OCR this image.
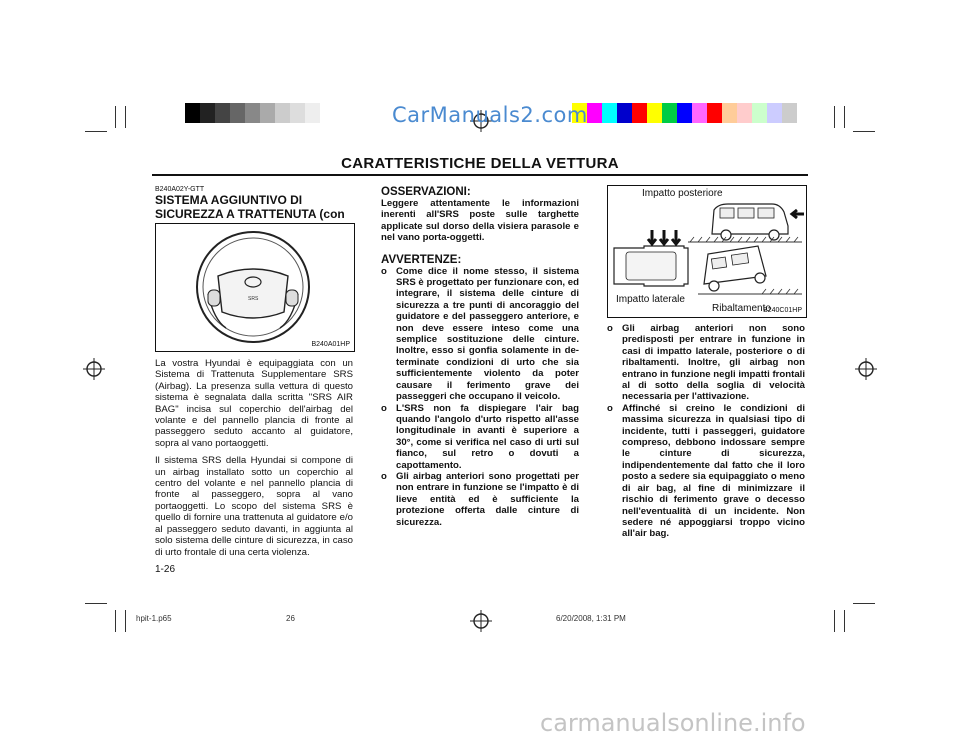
CarManuals2.com
CARATTERISTICHE DELLA VETTURA
B240A02Y-GTT
SISTEMA AGGIUNTIVO DI SICUREZZA A TRATTENUTA (con
SRS
B240A01HP

La vostra Hyundai è equipaggiata con un Sistema di Trattenuta Supplementare SRS (Airbag). La presenza sulla vettura di questo sistema è segnalata dalla scritta "SRS AIR BAG" incisa sul coperchio dell'airbag del volante e del pannello plancia di fronte al passeggero seduto accanto al guidatore, sopra al vano portaoggetti.

Il sistema SRS della Hyundai si compone di un airbag installato sotto un coperchio al centro del volante e nel pannello plancia di fronte al passeggero, sopra al vano portaoggetti. Lo scopo del sistema SRS è quello di fornire una trattenuta al guidatore e/o al passeggero seduto davanti, in aggiunta al solo sistema delle cinture di sicurezza, in caso di urto frontale di una certa violenza.

1-26
OSSERVAZIONI:
Leggere attentamente le informazioni inerenti all'SRS poste sulle targhette applicate sul dorso della visiera parasole e nel vano porta-oggetti.
AVVERTENZE:
o Come dice il nome stesso, il sistema SRS è progettato per funzionare con, ed integrare, il sistema delle cinture di sicurezza a tre punti di ancoraggio del guidatore e del passeggero anteriore, e non deve essere inteso come una semplice sostituzione delle cinture. Inoltre, esso si gonfia solamente in de-terminate condizioni di urto che sia sufficientemente violento da poter causare il ferimento grave dei passeggeri che occupano il veicolo.
o L'SRS non fa dispiegare l'air bag quando l'angolo d'urto rispetto all'asse longitudinale in avanti è superiore a 30°, come si verifica nel caso di urti sul fianco, sul retro o dovuti a capottamento.
o Gli airbag anteriori sono progettati per non entrare in funzione se l'impatto è di lieve entità ed è sufficiente la protezione offerta dalle cinture di sicurezza.
Impatto posteriore
Impatto laterale
Ribaltamento
B240C01HP
o Gli airbag anteriori non sono predisposti per entrare in funzione in casi di impatto laterale, posteriore o di ribaltamenti. Inoltre, gli airbag non entrano in funzione negli impatti frontali al di sotto della soglia di velocità necessaria per l'attivazione.
o Affinché si creino le condizioni di massima sicurezza in qualsiasi tipo di incidente, tutti i passeggeri, guidatore compreso, debbono indossare sempre le cinture di sicurezza, indipendentemente dal fatto che il loro posto a sedere sia equipaggiato o meno di air bag, al fine di minimizzare il rischio di ferimento grave o decesso nell'eventualità di un incidente. Non sedere né appoggiarsi troppo vicino all'air bag.
hpit-1.p65	26	6/20/2008, 1:31 PM
carmanualsonline.info
